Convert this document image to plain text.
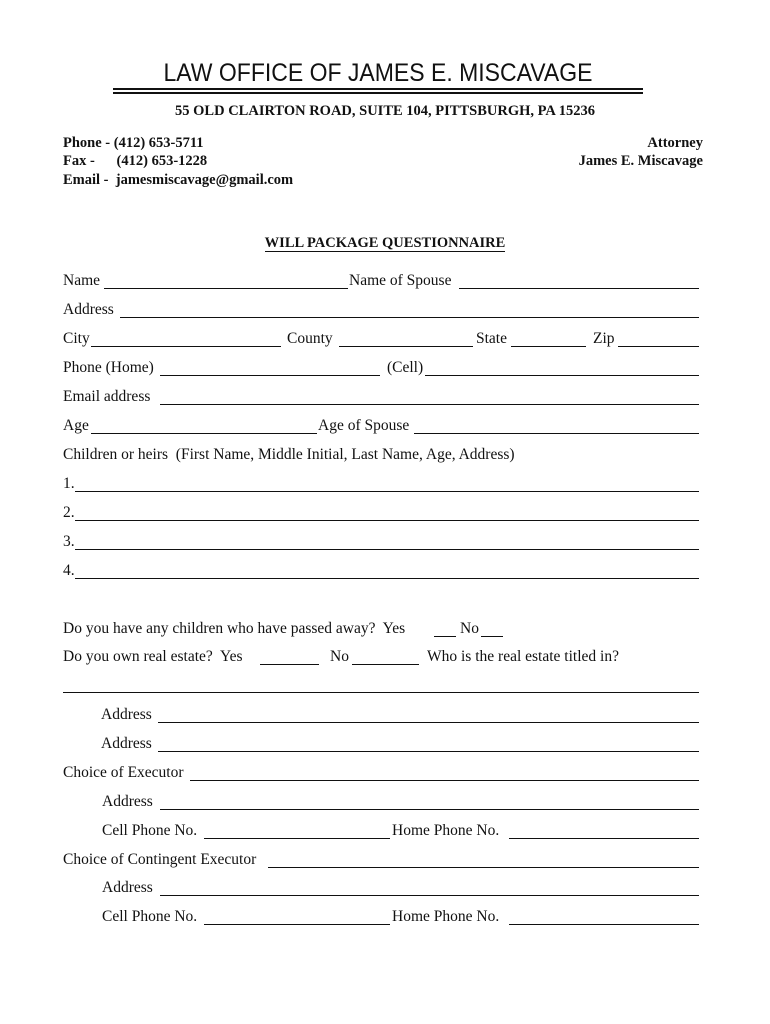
LAW OFFICE OF JAMES E. MISCAVAGE
55 OLD CLAIRTON ROAD, SUITE 104, PITTSBURGH, PA 15236
Phone - (412) 653-5711
Fax -      (412) 653-1228
Email -  jamesmiscavage@gmail.com
Attorney
James E. Miscavage
WILL PACKAGE QUESTIONNAIRE
Name	Name of Spouse
Address
City	County	State	Zip
Phone (Home)	(Cell)
Email address
Age	Age of Spouse
Children or heirs  (First Name, Middle Initial, Last Name, Age, Address)
1.
2.
3.
4.
Do you have any children who have passed away?  Yes	No
Do you own real estate?  Yes	No	Who is the real estate titled in?
Address
Address
Choice of Executor
Address
Cell Phone No.	Home Phone No.
Choice of Contingent Executor
Address
Cell Phone No.	Home Phone No.
